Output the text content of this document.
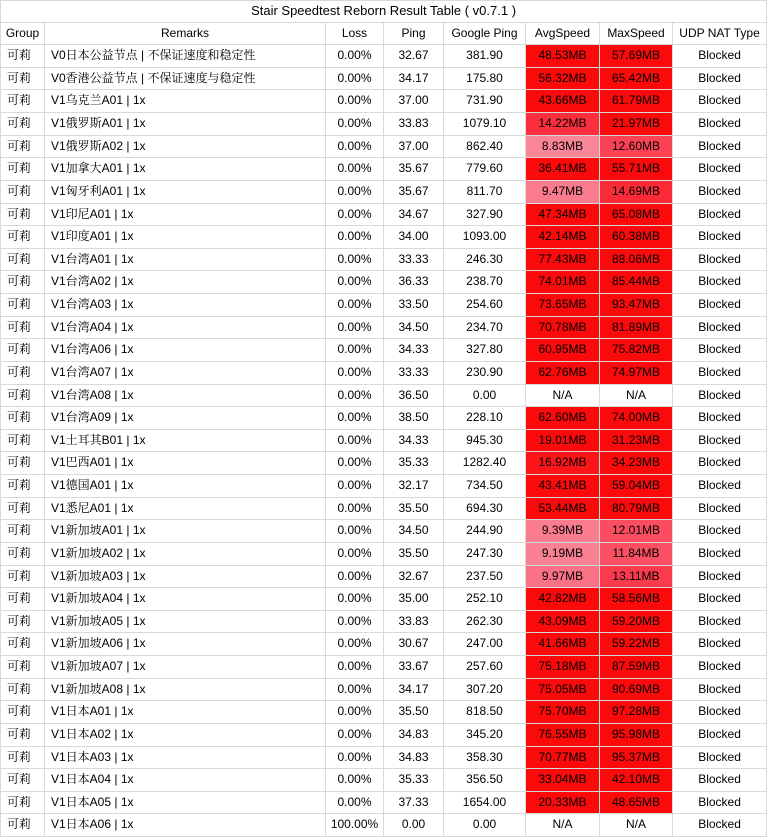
Stair Speedtest Reborn Result Table ( v0.7.1 )							
Group	Remarks	Loss	Ping	Google Ping	AvgSpeed	MaxSpeed	UDP NAT Type
可莉	V0日本公益节点 | 不保证速度和稳定性	0.00%	32.67	381.90	48.53MB	57.69MB	Blocked
可莉	V0香港公益节点 | 不保证速度与稳定性	0.00%	34.17	175.80	56.32MB	65.42MB	Blocked
可莉	V1乌克兰A01 | 1x	0.00%	37.00	731.90	43.66MB	61.79MB	Blocked
可莉	V1俄罗斯A01 | 1x	0.00%	33.83	1079.10	14.22MB	21.97MB	Blocked
可莉	V1俄罗斯A02 | 1x	0.00%	37.00	862.40	8.83MB	12.60MB	Blocked
可莉	V1加拿大A01 | 1x	0.00%	35.67	779.60	36.41MB	55.71MB	Blocked
可莉	V1匈牙利A01 | 1x	0.00%	35.67	811.70	9.47MB	14.69MB	Blocked
可莉	V1印尼A01 | 1x	0.00%	34.67	327.90	47.34MB	65.08MB	Blocked
可莉	V1印度A01 | 1x	0.00%	34.00	1093.00	42.14MB	60.38MB	Blocked
可莉	V1台湾A01 | 1x	0.00%	33.33	246.30	77.43MB	88.06MB	Blocked
可莉	V1台湾A02 | 1x	0.00%	36.33	238.70	74.01MB	85.44MB	Blocked
可莉	V1台湾A03 | 1x	0.00%	33.50	254.60	73.65MB	93.47MB	Blocked
可莉	V1台湾A04 | 1x	0.00%	34.50	234.70	70.78MB	81.89MB	Blocked
可莉	V1台湾A06 | 1x	0.00%	34.33	327.80	60.95MB	75.82MB	Blocked
可莉	V1台湾A07 | 1x	0.00%	33.33	230.90	62.76MB	74.97MB	Blocked
可莉	V1台湾A08 | 1x	0.00%	36.50	0.00	N/A	N/A	Blocked
可莉	V1台湾A09 | 1x	0.00%	38.50	228.10	62.60MB	74.00MB	Blocked
可莉	V1土耳其B01 | 1x	0.00%	34.33	945.30	19.01MB	31.23MB	Blocked
可莉	V1巴西A01 | 1x	0.00%	35.33	1282.40	16.92MB	34.23MB	Blocked
可莉	V1德国A01 | 1x	0.00%	32.17	734.50	43.41MB	59.04MB	Blocked
可莉	V1悉尼A01 | 1x	0.00%	35.50	694.30	53.44MB	80.79MB	Blocked
可莉	V1新加坡A01 | 1x	0.00%	34.50	244.90	9.39MB	12.01MB	Blocked
可莉	V1新加坡A02 | 1x	0.00%	35.50	247.30	9.19MB	11.84MB	Blocked
可莉	V1新加坡A03 | 1x	0.00%	32.67	237.50	9.97MB	13.11MB	Blocked
可莉	V1新加坡A04 | 1x	0.00%	35.00	252.10	42.82MB	58.56MB	Blocked
可莉	V1新加坡A05 | 1x	0.00%	33.83	262.30	43.09MB	59.20MB	Blocked
可莉	V1新加坡A06 | 1x	0.00%	30.67	247.00	41.66MB	59.22MB	Blocked
可莉	V1新加坡A07 | 1x	0.00%	33.67	257.60	75.18MB	87.59MB	Blocked
可莉	V1新加坡A08 | 1x	0.00%	34.17	307.20	75.05MB	90.69MB	Blocked
可莉	V1日本A01 | 1x	0.00%	35.50	818.50	75.70MB	97.28MB	Blocked
可莉	V1日本A02 | 1x	0.00%	34.83	345.20	76.55MB	95.98MB	Blocked
可莉	V1日本A03 | 1x	0.00%	34.83	358.30	70.77MB	95.37MB	Blocked
可莉	V1日本A04 | 1x	0.00%	35.33	356.50	33.04MB	42.10MB	Blocked
可莉	V1日本A05 | 1x	0.00%	37.33	1654.00	20.33MB	48.65MB	Blocked
可莉	V1日本A06 | 1x	100.00%	0.00	0.00	N/A	N/A	Blocked
